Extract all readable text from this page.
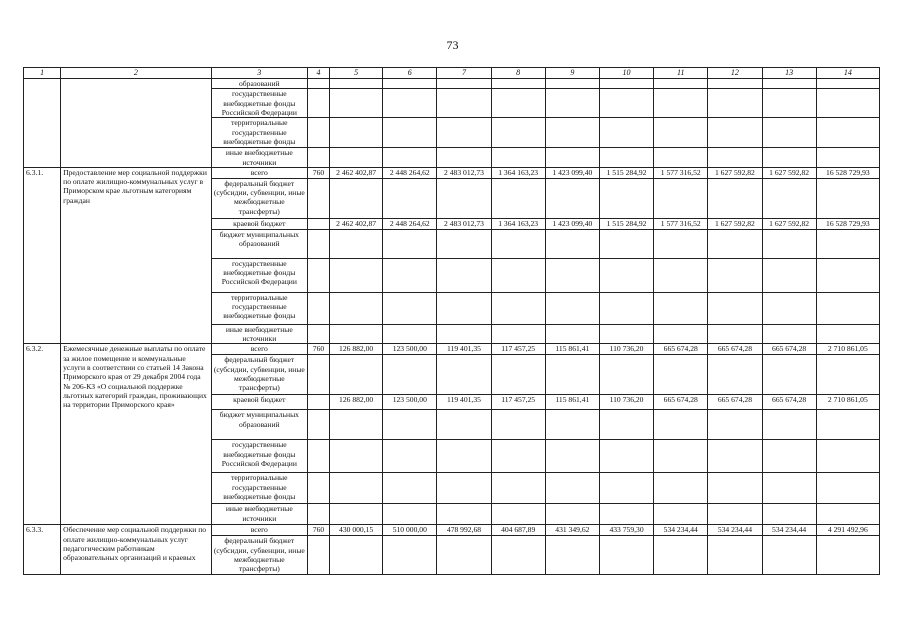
73
1	2	3	4	5	6	7	8	9	10	11	12	13	14
		образований											
		государственные внебюджетные фонды Российской Федерации											
		территориальные государственные внебюджетные фонды											
		иные внебюджетные источники											
6.3.1.	Предоставление мер социальной поддержки по оплате жилищно-коммунальных услуг в Приморском крае льготным категориям граждан	всего	760	2 462 402,87	2 448 264,62	2 483 012,73	1 364 163,23	1 423 099,40	1 515 284,92	1 577 316,52	1 627 592,82	1 627 592,82	16 528 729,93
		федеральный бюджет (субсидии, субвенции, иные межбюджетные трансферты)											
		краевой бюджет		2 462 402,87	2 448 264,62	2 483 012,73	1 364 163,23	1 423 099,40	1 515 284,92	1 577 316,52	1 627 592,82	1 627 592,82	16 528 729,93
		бюджет муниципальных образований											
		государственные внебюджетные фонды Российской Федерации											
		территориальные государственные внебюджетные фонды											
		иные внебюджетные источники											
6.3.2.	Ежемесячные денежные выплаты по оплате за жилое помещение и коммунальные услуги в соответствии со статьей 14 Закона Приморского края от 29 декабря 2004 года № 206-КЗ «О социальной поддержке льготных категорий граждан, проживающих на территории Приморского края»	всего	760	126 882,00	123 500,00	119 401,35	117 457,25	115 861,41	110 736,20	665 674,28	665 674,28	665 674,28	2 710 861,05
		федеральный бюджет (субсидии, субвенции, иные межбюджетные трансферты)											
		краевой бюджет		126 882,00	123 500,00	119 401,35	117 457,25	115 861,41	110 736,20	665 674,28	665 674,28	665 674,28	2 710 861,05
		бюджет муниципальных образований											
		государственные внебюджетные фонды Российской Федерации											
		территориальные государственные внебюджетные фонды											
		иные внебюджетные источники											
6.3.3.	Обеспечение мер социальной поддержки по оплате жилищно-коммунальных услуг педагогическим работникам образовательных организаций и краевых	всего	760	430 000,15	510 000,00	478 992,68	404 687,89	431 349,62	433 759,30	534 234,44	534 234,44	534 234,44	4 291 492,96
		федеральный бюджет (субсидии, субвенции, иные межбюджетные трансферты)											
